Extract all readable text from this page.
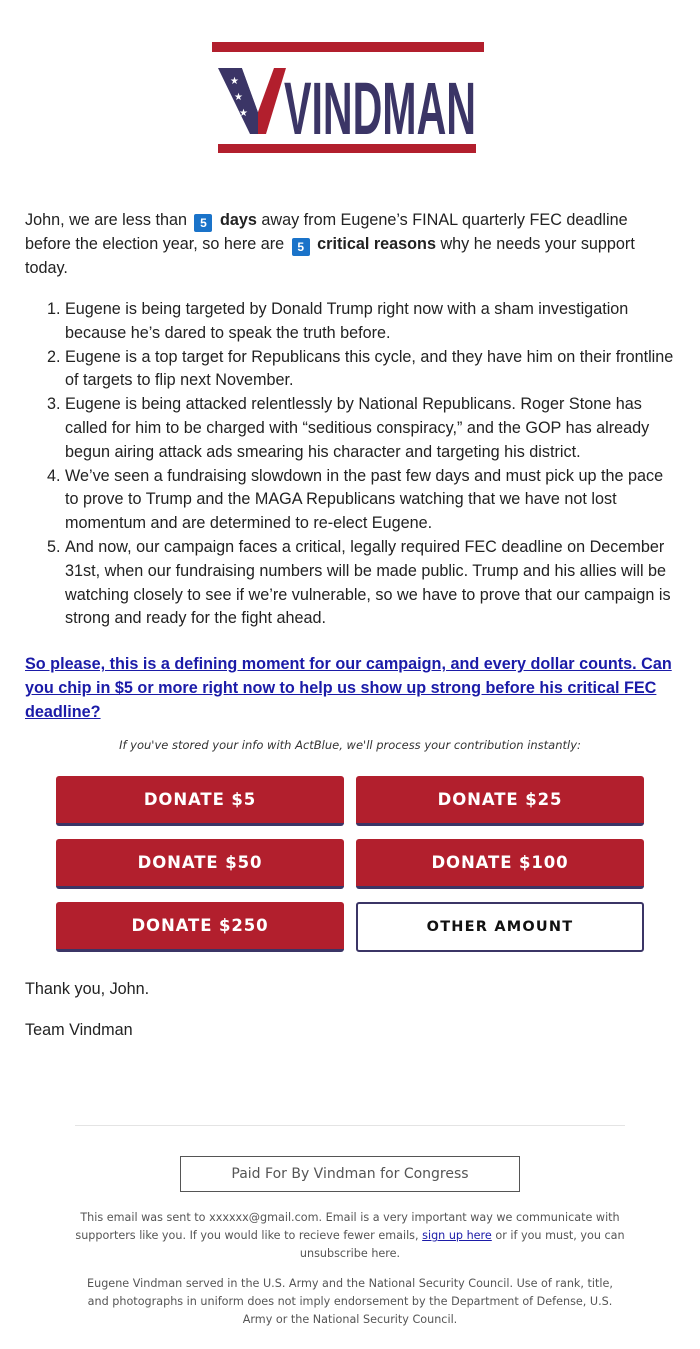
★
★
★ VINDMAN

John, we are less than 5 days away from Eugene’s FINAL quarterly FEC deadline before the election year, so here are 5 critical reasons why he needs your support today.

1. Eugene is being targeted by Donald Trump right now with a sham investigation because he’s dared to speak the truth before.
2. Eugene is a top target for Republicans this cycle, and they have him on their frontline of targets to flip next November.
3. Eugene is being attacked relentlessly by National Republicans. Roger Stone has called for him to be charged with “seditious conspiracy,” and the GOP has already begun airing attack ads smearing his character and targeting his district.
4. We’ve seen a fundraising slowdown in the past few days and must pick up the pace to prove to Trump and the MAGA Republicans watching that we have not lost momentum and are determined to re-elect Eugene.
5. And now, our campaign faces a critical, legally required FEC deadline on December 31st, when our fundraising numbers will be made public. Trump and his allies will be watching closely to see if we’re vulnerable, so we have to prove that our campaign is strong and ready for the fight ahead.
So please, this is a defining moment for our campaign, and every dollar counts. Can you chip in $5 or more right now to help us show up strong before his critical FEC deadline?
If you've stored your info with ActBlue, we'll process your contribution instantly:
DONATE $5	DONATE $25
DONATE $50	DONATE $100
DONATE $250	OTHER AMOUNT
Thank you, John.
Team Vindman
Paid For By Vindman for Congress

This email was sent to xxxxxx@gmail.com. Email is a very important way we communicate with supporters like you. If you would like to recieve fewer emails, sign up here or if you must, you can unsubscribe here.

Eugene Vindman served in the U.S. Army and the National Security Council. Use of rank, title, and photographs in uniform does not imply endorsement by the Department of Defense, U.S. Army or the National Security Council.
